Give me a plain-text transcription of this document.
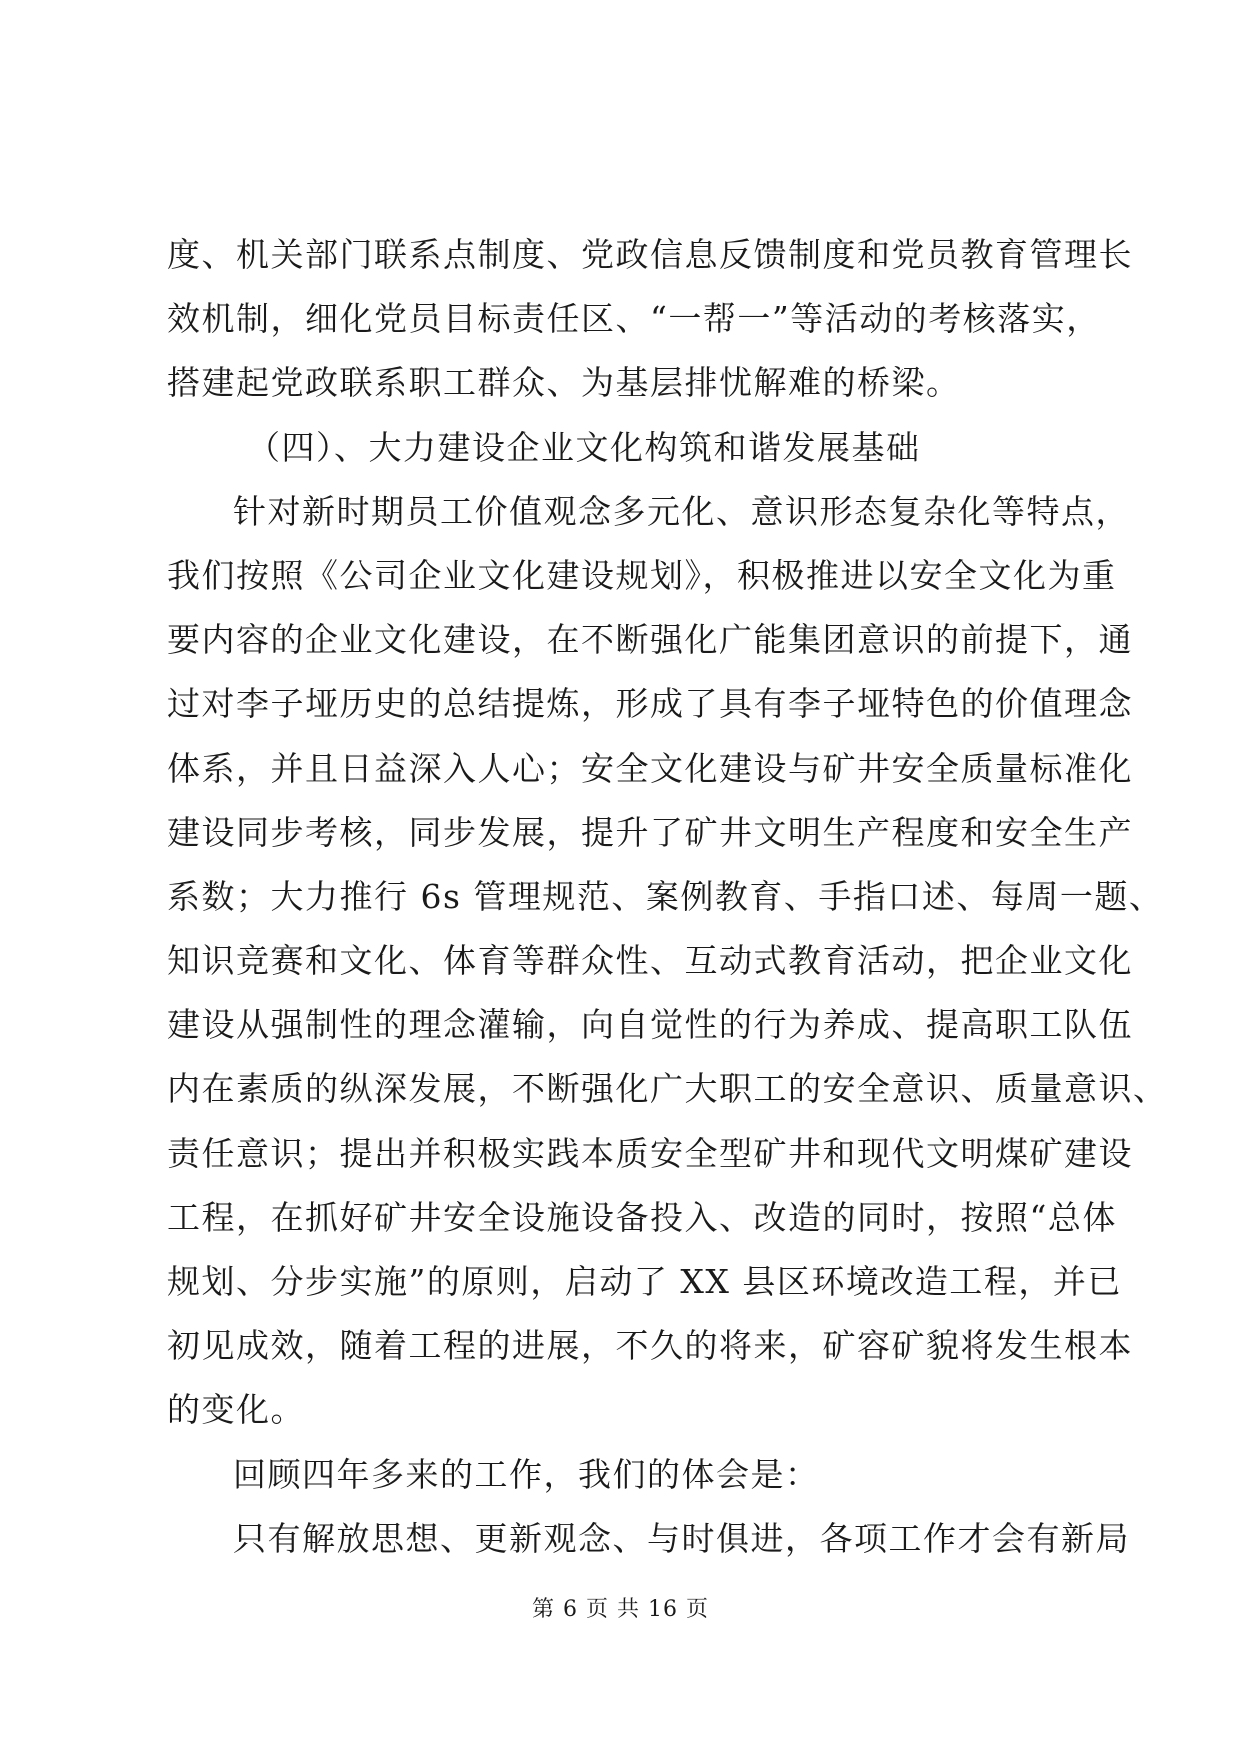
度、机关部门联系点制度、党政信息反馈制度和党员教育管理长
效机制，细化党员目标责任区、“一帮一”等活动的考核落实，
搭建起党政联系职工群众、为基层排忧解难的桥梁。
（四）、大力建设企业文化构筑和谐发展基础
针对新时期员工价值观念多元化、意识形态复杂化等特点，
我们按照《公司企业文化建设规划》，积极推进以安全文化为重
要内容的企业文化建设，在不断强化广能集团意识的前提下，通
过对李子垭历史的总结提炼，形成了具有李子垭特色的价值理念
体系，并且日益深入人心；安全文化建设与矿井安全质量标准化
建设同步考核，同步发展，提升了矿井文明生产程度和安全生产
系数；大力推行 6s 管理规范、案例教育、手指口述、每周一题、
知识竞赛和文化、体育等群众性、互动式教育活动，把企业文化
建设从强制性的理念灌输，向自觉性的行为养成、提高职工队伍
内在素质的纵深发展，不断强化广大职工的安全意识、质量意识、
责任意识；提出并积极实践本质安全型矿井和现代文明煤矿建设
工程，在抓好矿井安全设施设备投入、改造的同时，按照“总体
规划、分步实施”的原则，启动了 XX 县区环境改造工程，并已
初见成效，随着工程的进展，不久的将来，矿容矿貌将发生根本
的变化。
回顾四年多来的工作，我们的体会是：
只有解放思想、更新观念、与时俱进，各项工作才会有新局
第 6 页 共 16 页
